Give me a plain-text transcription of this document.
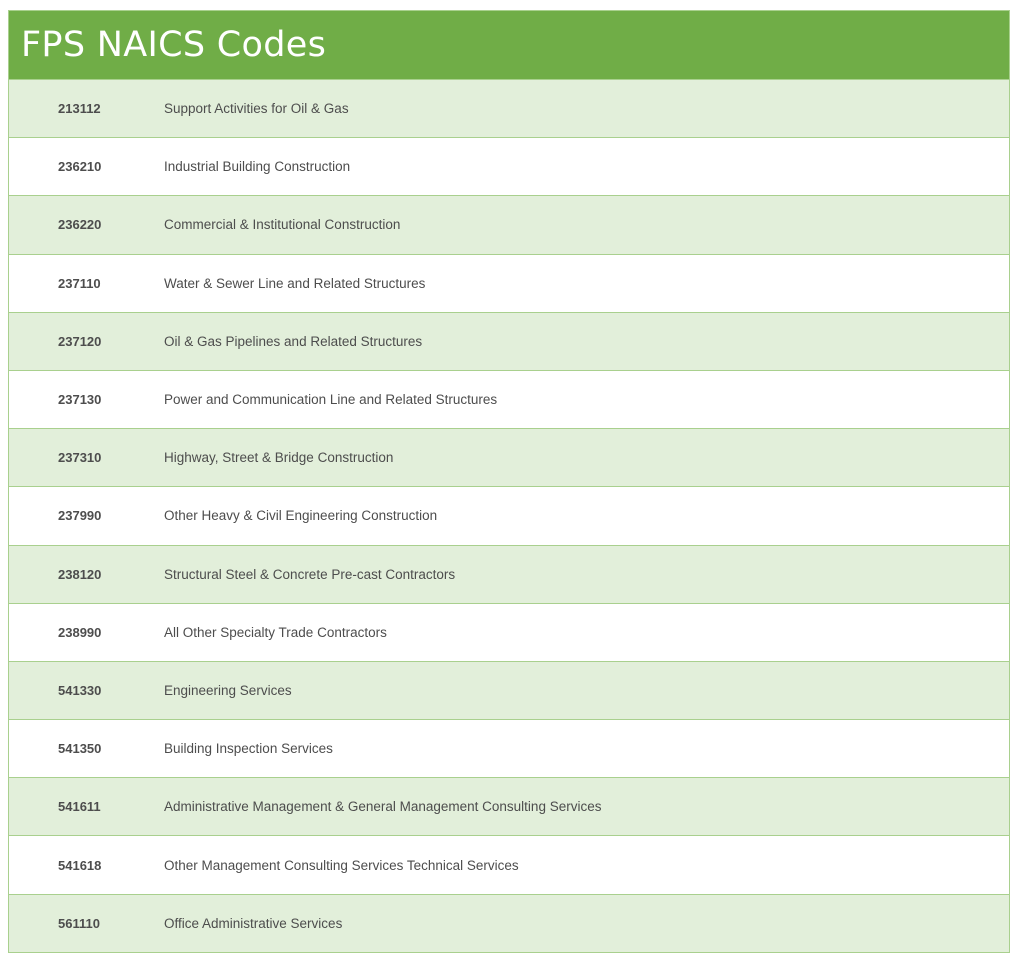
FPS NAICS Codes
213112	Support Activities for Oil & Gas
236210	Industrial Building Construction
236220	Commercial & Institutional Construction
237110	Water & Sewer Line and Related Structures
237120	Oil & Gas Pipelines and Related Structures
237130	Power and Communication Line and Related Structures
237310	Highway, Street & Bridge Construction
237990	Other Heavy & Civil Engineering Construction
238120	Structural Steel & Concrete Pre-cast Contractors
238990	All Other Specialty Trade Contractors
541330	Engineering Services
541350	Building Inspection Services
541611	Administrative Management & General Management Consulting Services
541618	Other Management Consulting Services Technical Services
561110	Office Administrative Services
